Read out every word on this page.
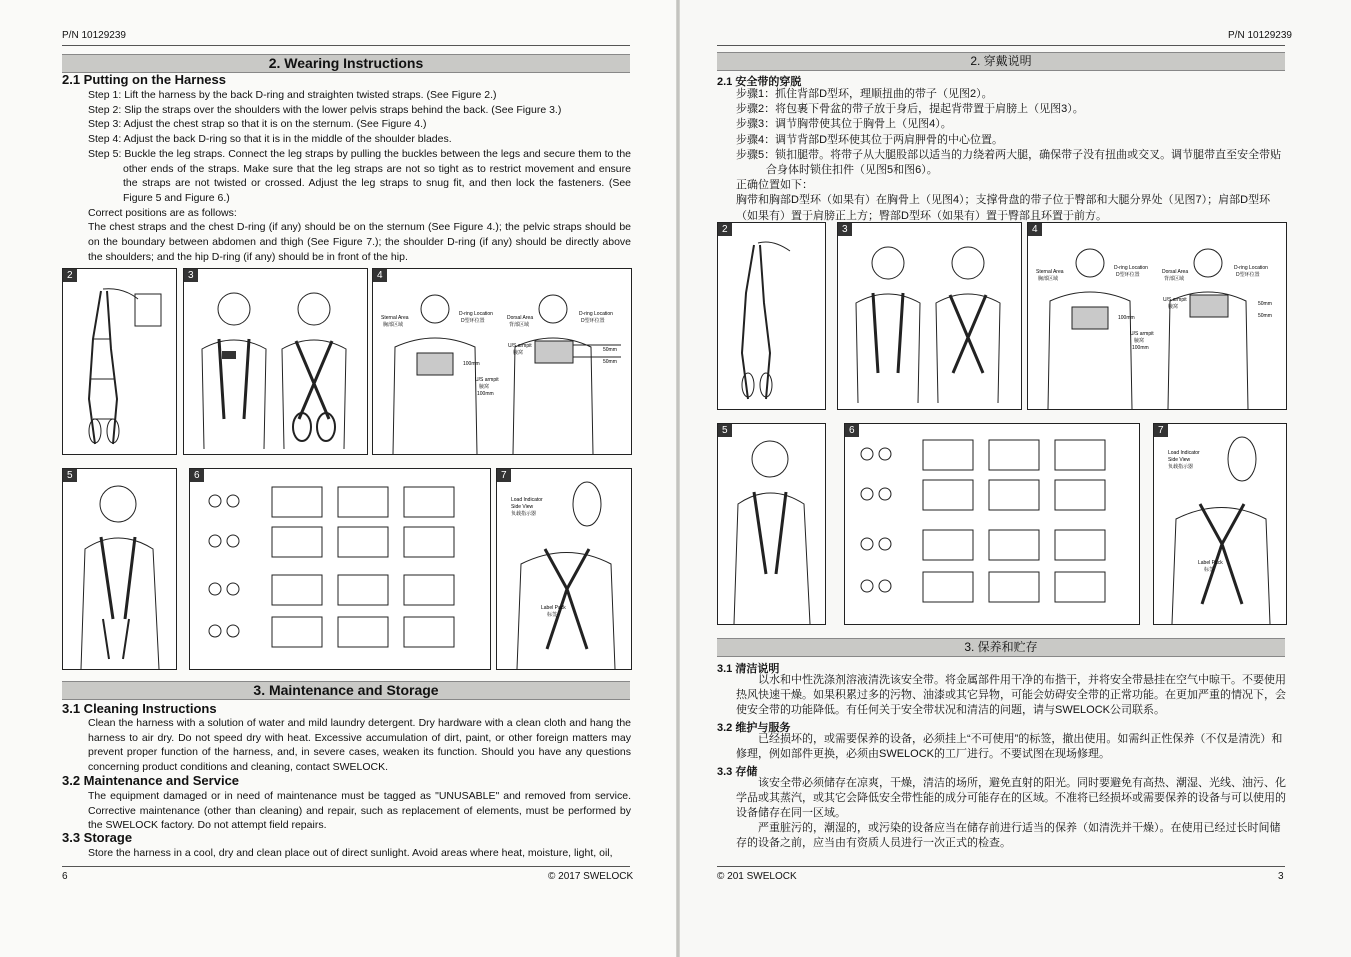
P/N 10129239
2. Wearing Instructions
2.1 Putting on the Harness
Step 1: Lift the harness by the back D-ring and straighten twisted straps. (See Figure 2.)
Step 2: Slip the straps over the shoulders with the lower pelvis straps behind the back. (See Figure 3.)
Step 3: Adjust the chest strap so that it is on the sternum. (See Figure 4.)
Step 4: Adjust the back D-ring so that it is in the middle of the shoulder blades.
Step 5: Buckle the leg straps. Connect the leg straps by pulling the buckles between the legs and secure them to the other ends of the straps. Make sure that the leg straps are not so tight as to restrict movement and ensure the straps are not twisted or crossed. Adjust the leg straps to snug fit, and then lock the fasteners. (See Figure 5 and Figure 6.)
Correct positions are as follows:
The chest straps and the chest D-ring (if any) should be on the sternum (See Figure 4.); the pelvic straps should be on the boundary between abdomen and thigh (See Figure 7.); the shoulder D-ring (if any) should be directly above the shoulders; and the hip D-ring (if any) should be in front of the hip.
2	3	4
Sternal Area
胸部区域
D-ring Location
D型环位置	Dorsal Area
背部区域
D-ring Location
D型环位置
50mm
50mm
U/S armpit
腋窝
100mm
U/S armpit
腋窝
100mm
5	6	7
Load Indicator
Side View
负载指示器
Label Pack
标签
3. Maintenance and Storage
3.1 Cleaning Instructions
Clean the harness with a solution of water and mild laundry detergent. Dry hardware with a clean cloth and hang the harness to air dry. Do not speed dry with heat. Excessive accumulation of dirt, paint, or other foreign matters may prevent proper function of the harness, and, in severe cases, weaken its function. Should you have any questions concerning product conditions and cleaning, contact SWELOCK.
3.2 Maintenance and Service
The equipment damaged or in need of maintenance must be tagged as "UNUSABLE" and removed from service. Corrective maintenance (other than cleaning) and repair, such as replacement of elements, must be performed by the SWELOCK factory. Do not attempt field repairs.
3.3 Storage
Store the harness in a cool, dry and clean place out of direct sunlight. Avoid areas where heat, moisture, light, oil,
6	© 2017 SWELOCK
P/N 10129239
2. 穿戴说明
2.1 安全带的穿脱
步骤1：抓住背部D型环，理顺扭曲的带子（见图2）。
步骤2：将包裹下骨盆的带子放于身后，提起背带置于肩膀上（见图3）。
步骤3：调节胸带使其位于胸骨上（见图4）。
步骤4：调节背部D型环使其位于两肩胛骨的中心位置。
步骤5：锁扣腿带。将带子从大腿股部以适当的力绕着两大腿，确保带子没有扭曲或交叉。调节腿带直至安全带贴合身体时锁住扣件（见图5和图6）。
正确位置如下：
胸带和胸部D型环（如果有）在胸骨上（见图4）；支撑骨盘的带子位于臀部和大腿分界处（见图7）；肩部D型环（如果有）置于肩膀正上方；臀部D型环（如果有）置于臀部且环置于前方。
2	3	4
Sternal Area
胸部区域
D-ring Location
D型环位置	Dorsal Area
背部区域
D-ring Location
D型环位置
50mm
50mm
U/S armpit
腋窝
100mm
U/S armpit
腋窝
100mm
5	6	7
Load Indicator
Side View
负载指示器
Label Pack
标签
3. 保养和贮存
3.1 清洁说明
以水和中性洗涤剂溶液清洗该安全带。将金属部件用干净的布揩干，并将安全带悬挂在空气中晾干。不要使用热风快速干燥。如果积累过多的污物、油漆或其它异物，可能会妨碍安全带的正常功能。在更加严重的情况下，会使安全带的功能降低。有任何关于安全带状况和清洁的问题，请与SWELOCK公司联系。
3.2 维护与服务
已经损坏的，或需要保养的设备，必须挂上“不可使用”的标签，撤出使用。如需纠正性保养（不仅是清洗）和修理，例如部件更换，必须由SWELOCK的工厂进行。不要试图在现场修理。
3.3 存储
该安全带必须储存在凉爽，干燥，清洁的场所，避免直射的阳光。同时要避免有高热、潮湿、光线、油污、化学品或其蒸汽，或其它会降低安全带性能的成分可能存在的区域。不准将已经损坏或需要保养的设备与可以使用的设备储存在同一区域。
严重脏污的，潮湿的，或污染的设备应当在储存前进行适当的保养（如清洗并干燥）。在使用已经过长时间储存的设备之前，应当由有资质人员进行一次正式的检查。
© 201 SWELOCK	3
